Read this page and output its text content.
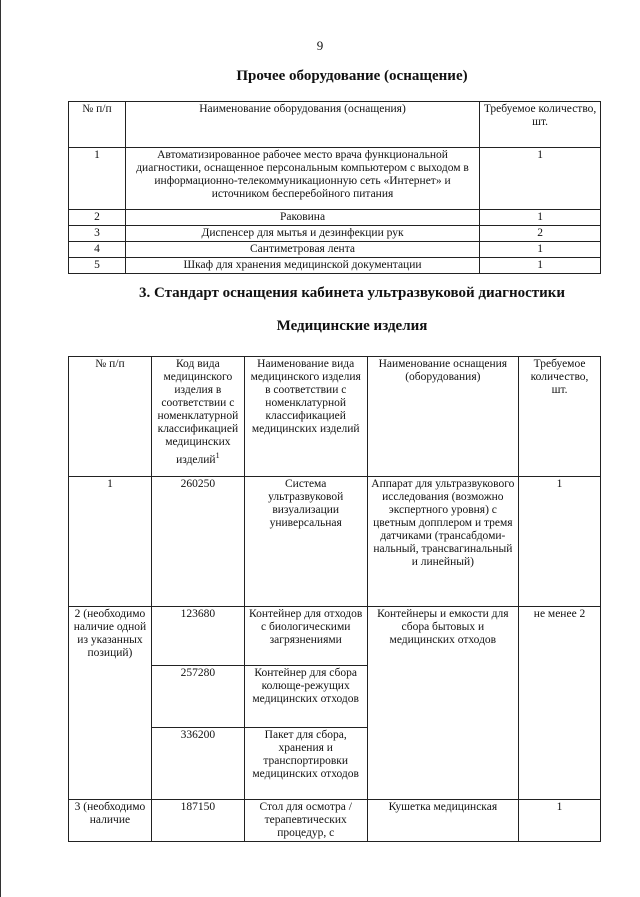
9
Прочее оборудование (оснащение)
№ п/п	Наименование оборудования (оснащения)	Требуемое количество, шт.
1	Автоматизированное рабочее место врача функциональной диагностики, оснащенное персональным компьютером с выходом в информационно-телекоммуникационную сеть «Интернет» и источником бесперебойного питания	1
2	Раковина	1
3	Диспенсер для мытья и дезинфекции рук	2
4	Сантиметровая лента	1
5	Шкаф для хранения медицинской документации	1
3. Стандарт оснащения кабинета ультразвуковой диагностики
Медицинские изделия
№ п/п	Код вида медицинского изделия в соответствии с номенклатурной классификацией медицинских изделий$^1$	Наименование вида медицинского изделия в соответствии с номенклатурной классификацией медицинских изделий	Наименование оснащения (оборудования)	Требуемое количество, шт.
1	260250	Система ультразвуковой визуализации универсальная	Аппарат для ультразвукового исследования (возможно экспертного уровня) с цветным допплером и тремя датчиками (трансабдоми-нальный, трансвагинальный и линейный)	1
2 (необходимо наличие одной из указанных позиций)	123680	Контейнер для отходов с биологическими загрязнениями	Контейнеры и емкости для сбора бытовых и медицинских отходов	не менее 2
	257280	Контейнер для сбора колюще-режущих медицинских отходов		
	336200	Пакет для сбора, хранения и транспортировки медицинских отходов		
3 (необходимо наличие	187150	Стол для осмотра /терапевтических процедур, с	Кушетка медицинская	1
